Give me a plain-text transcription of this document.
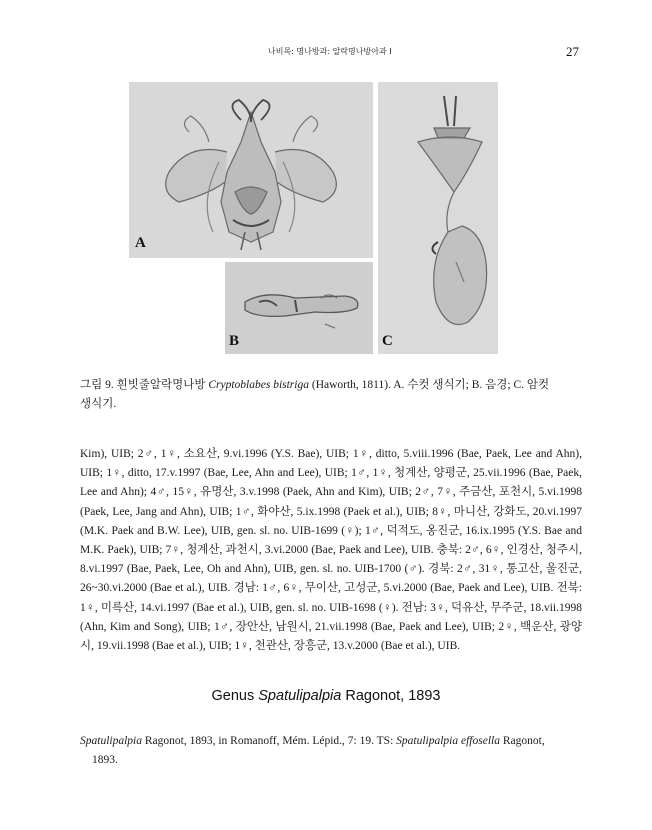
나비목: 명나방과: 알락명나방아과 I	27
A
B	C
그림 9. 흰빗줄알락명나방 Cryptoblabes bistriga (Haworth, 1811). A. 수컷 생식기; B. 음경; C. 암컷
생식기.
Kim), UIB; 2♂, 1♀, 소요산, 9.vi.1996 (Y.S. Bae), UIB; 1♀, ditto, 5.viii.1996 (Bae, Paek, Lee and Ahn), UIB; 1♀, ditto, 17.v.1997 (Bae, Lee, Ahn and Lee), UIB; 1♂, 1♀, 청계산, 양평군, 25.vii.1996 (Bae, Paek, Lee and Ahn); 4♂, 15♀, 유명산, 3.v.1998 (Paek, Ahn and Kim), UIB; 2♂, 7♀, 주금산, 포천시, 5.vi.1998 (Paek, Lee, Jang and Ahn), UIB; 1♂, 화야산, 5.ix.1998 (Paek et al.), UIB; 8♀, 마니산, 강화도, 20.vi.1997 (M.K. Paek and B.W. Lee), UIB, gen. sl. no. UIB-1699 (♀); 1♂, 덕적도, 옹진군, 16.ix.1995 (Y.S. Bae and M.K. Paek), UIB; 7♀, 청계산, 과천시, 3.vi.2000 (Bae, Paek and Lee), UIB. 충북: 2♂, 6♀, 인경산, 청주시, 8.vi.1997 (Bae, Paek, Lee, Oh and Ahn), UIB, gen. sl. no. UIB-1700 (♂). 경북: 2♂, 31♀, 통고산, 울진군, 26~30.vi.2000 (Bae et al.), UIB. 경남: 1♂, 6♀, 무이산, 고성군, 5.vi.2000 (Bae, Paek and Lee), UIB. 전북: 1♀, 미륵산, 14.vi.1997 (Bae et al.), UIB, gen. sl. no. UIB-1698 (♀). 전남: 3♀, 덕유산, 무주군, 18.vii.1998 (Ahn, Kim and Song), UIB; 1♂, 장안산, 남원시, 21.vii.1998 (Bae, Paek and Lee), UIB; 2♀, 백운산, 광양시, 19.vii.1998 (Bae et al.), UIB; 1♀, 천관산, 장흥군, 13.v.2000 (Bae et al.), UIB.
Genus Spatulipalpia Ragonot, 1893
Spatulipalpia Ragonot, 1893, in Romanoff, Mém. Lépid., 7: 19. TS: Spatulipalpia effosella Ragonot,
1893.
